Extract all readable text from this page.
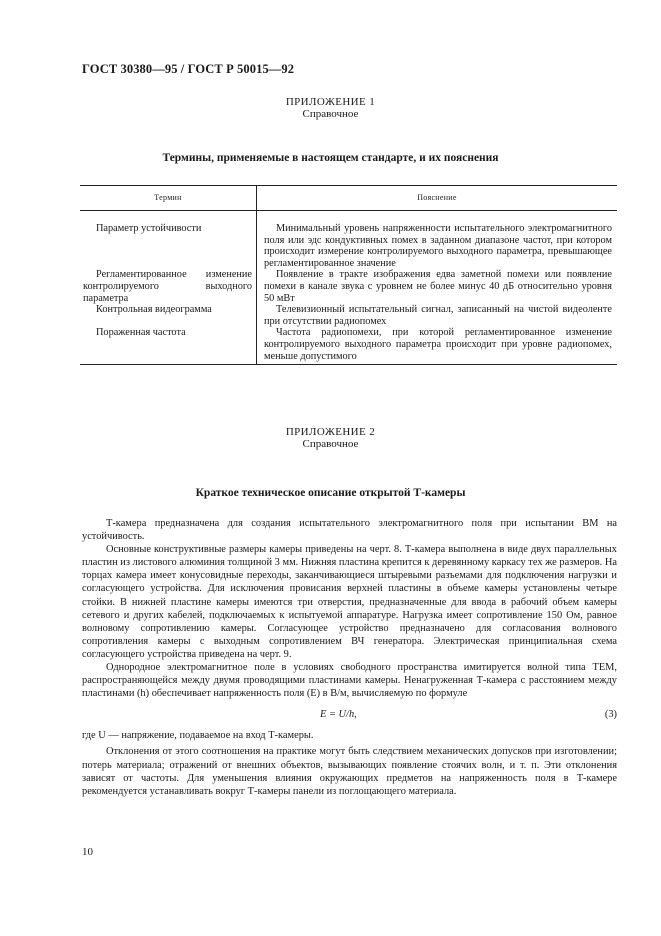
ГОСТ 30380—95 / ГОСТ Р 50015—92
ПРИЛОЖЕНИЕ 1
Справочное
Термины, применяемые в настоящем стандарте, и их пояснения
Термин	Пояснение

Параметр устойчивости	Минимальный уровень напряженности испытательного электромагнитного поля или эдс кондуктивных помех в заданном диапазоне частот, при котором происходит измерение контролируемого выходного параметра, превышающее регламентированное значение

Регламентированное изменение контролируемого выходного параметра	Появление в тракте изображения едва заметной помехи или появление помехи в канале звука с уровнем не более минус 40 дБ относительно уровня 50 мВт

Контрольная видеограмма	Телевизионный испытательный сигнал, записанный на чистой видеоленте при отсутствии радиопомех

Пораженная частота	Частота радиопомехи, при которой регламентированное изменение контролируемого выходного параметра происходит при уровне радиопомех, меньше допустимого
ПРИЛОЖЕНИЕ 2
Справочное
Краткое техническое описание открытой Т-камеры

Т-камера предназначена для создания испытательного электромагнитного поля при испытании ВМ на устойчивость.

Основные конструктивные размеры камеры приведены на черт. 8. Т-камера выполнена в виде двух параллельных пластин из листового алюминия толщиной 3 мм. Нижняя пластина крепится к деревянному каркасу тех же размеров. На торцах камера имеет конусовидные переходы, заканчивающиеся штыревыми разъемами для подключения нагрузки и согласующего устройства. Для исключения провисания верхней пластины в объеме камеры установлены четыре стойки. В нижней пластине камеры имеются три отверстия, предназначенные для ввода в рабочий объем камеры сетевого и других кабелей, подключаемых к испытуемой аппаратуре. Нагрузка имеет сопротивление 150 Ом, равное волновому сопротивлению камеры. Согласующее устройство предназначено для согласования волнового сопротивления камеры с выходным сопротивлением ВЧ генератора. Электрическая принципиальная схема согласующего устройства приведена на черт. 9.

Однородное электромагнитное поле в условиях свободного пространства имитируется волной типа ТЕМ, распространяющейся между двумя проводящими пластинами камеры. Ненагруженная Т-камера с расстоянием между пластинами (h) обеспечивает напряженность поля (E) в В/м, вычисляемую по формуле

E = U/h,	(3)

где U — напряжение, подаваемое на вход Т-камеры.

Отклонения от этого соотношения на практике могут быть следствием механических допусков при изготовлении; потерь материала; отражений от внешних объектов, вызывающих появление стоячих волн, и т. п. Эти отклонения зависят от частоты. Для уменьшения влияния окружающих предметов на напряженность поля в Т-камере рекомендуется устанавливать вокруг Т-камеры панели из поглощающего материала.

10
